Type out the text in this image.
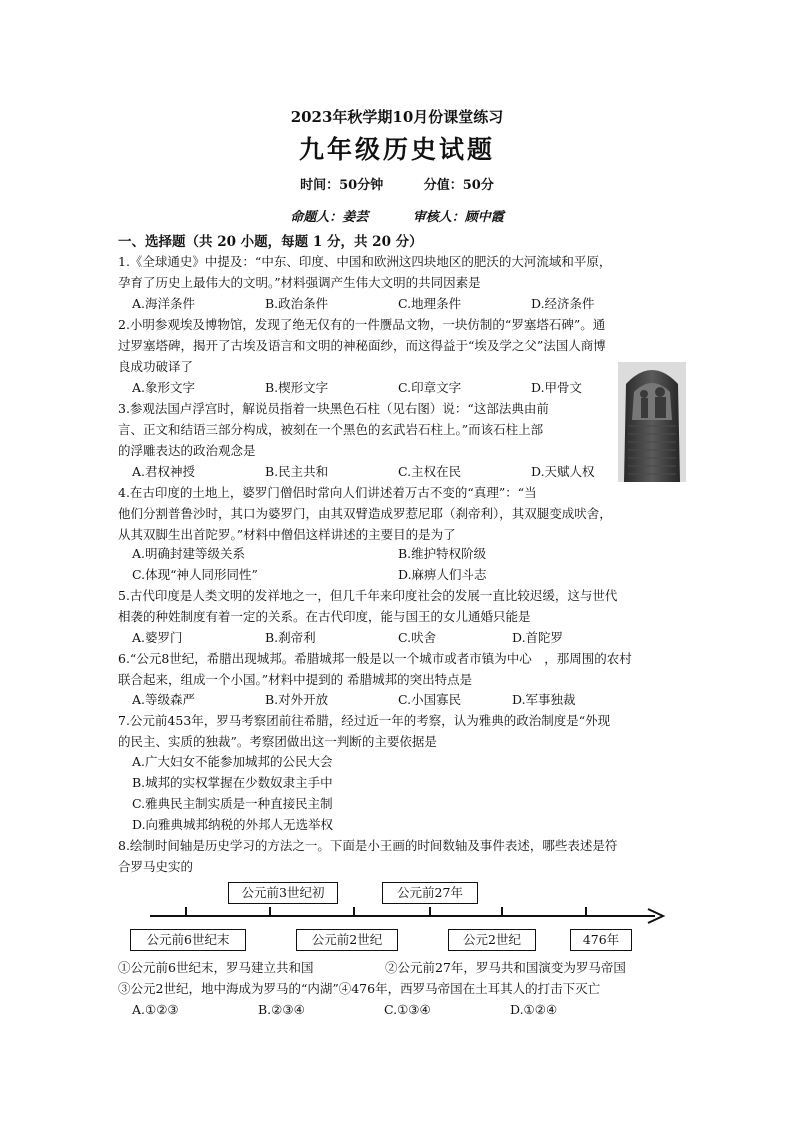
2023年秋学期10月份课堂练习
九年级历史试题
时间：50分钟	分值：50分
命题人：姜芸	审核人：顾中霞
一、选择题（共 20 小题，每题 1 分，共 20 分）
1.《全球通史》中提及：“中东、印度、中国和欧洲这四块地区的肥沃的大河流域和平原，
孕育了历史上最伟大的文明。”材料强调产生伟大文明的共同因素是
A.海洋条件	B.政治条件	C.地理条件	D.经济条件
2.小明参观埃及博物馆，发现了绝无仅有的一件赝品文物，一块仿制的“罗塞塔石碑”。通
过罗塞塔碑，揭开了古埃及语言和文明的神秘面纱，而这得益于“埃及学之父”法国人商博
良成功破译了
A.象形文字	B.楔形文字	C.印章文字	D.甲骨文
3.参观法国卢浮宫时，解说员指着一块黑色石柱（见右图）说：“这部法典由前
言、正文和结语三部分构成，被刻在一个黑色的玄武岩石柱上。”而该石柱上部
的浮雕表达的政治观念是
A.君权神授	B.民主共和	C.主权在民	D.天赋人权
4.在古印度的土地上，婆罗门僧侣时常向人们讲述着万古不变的“真理”：“当
他们分割普鲁沙时，其口为婆罗门，由其双臂造成罗惹尼耶（刹帝利），其双腿变成吠舍，
从其双脚生出首陀罗。”材料中僧侣这样讲述的主要目的是为了
A.明确封建等级关系	B.维护特权阶级
C.体现“神人同形同性”	D.麻痹人们斗志
5.古代印度是人类文明的发祥地之一，但几千年来印度社会的发展一直比较迟缓，这与世代
相袭的种姓制度有着一定的关系。在古代印度，能与国王的女儿通婚只能是
A.婆罗门	B.刹帝利	C.吠舍	D.首陀罗
6.“公元8世纪，希腊出现城邦。希腊城邦一般是以一个城市或者市镇为中心　，那周围的农村
联合起来，组成一个小国。”材料中提到的 希腊城邦的突出特点是
A.等级森严	B.对外开放	C.小国寡民	D.军事独裁
7.公元前453年，罗马考察团前往希腊，经过近一年的考察，认为雅典的政治制度是“外现
的民主、实质的独裁”。考察团做出这一判断的主要依据是
A.广大妇女不能参加城邦的公民大会
B.城邦的实权掌握在少数奴隶主手中
C.雅典民主制实质是一种直接民主制
D.向雅典城邦纳税的外邦人无选举权
8.绘制时间轴是历史学习的方法之一。下面是小王画的时间数轴及事件表述，哪些表述是符
合罗马史实的
公元前3世纪初	公元前27年
公元前6世纪末	公元前2世纪	公元2世纪	476年
①公元前6世纪末，罗马建立共和国	②公元前27年，罗马共和国演变为罗马帝国
③公元2世纪，地中海成为罗马的“内湖”④476年，西罗马帝国在土耳其人的打击下灭亡
A.①②③	B.②③④	C.①③④	D.①②④
